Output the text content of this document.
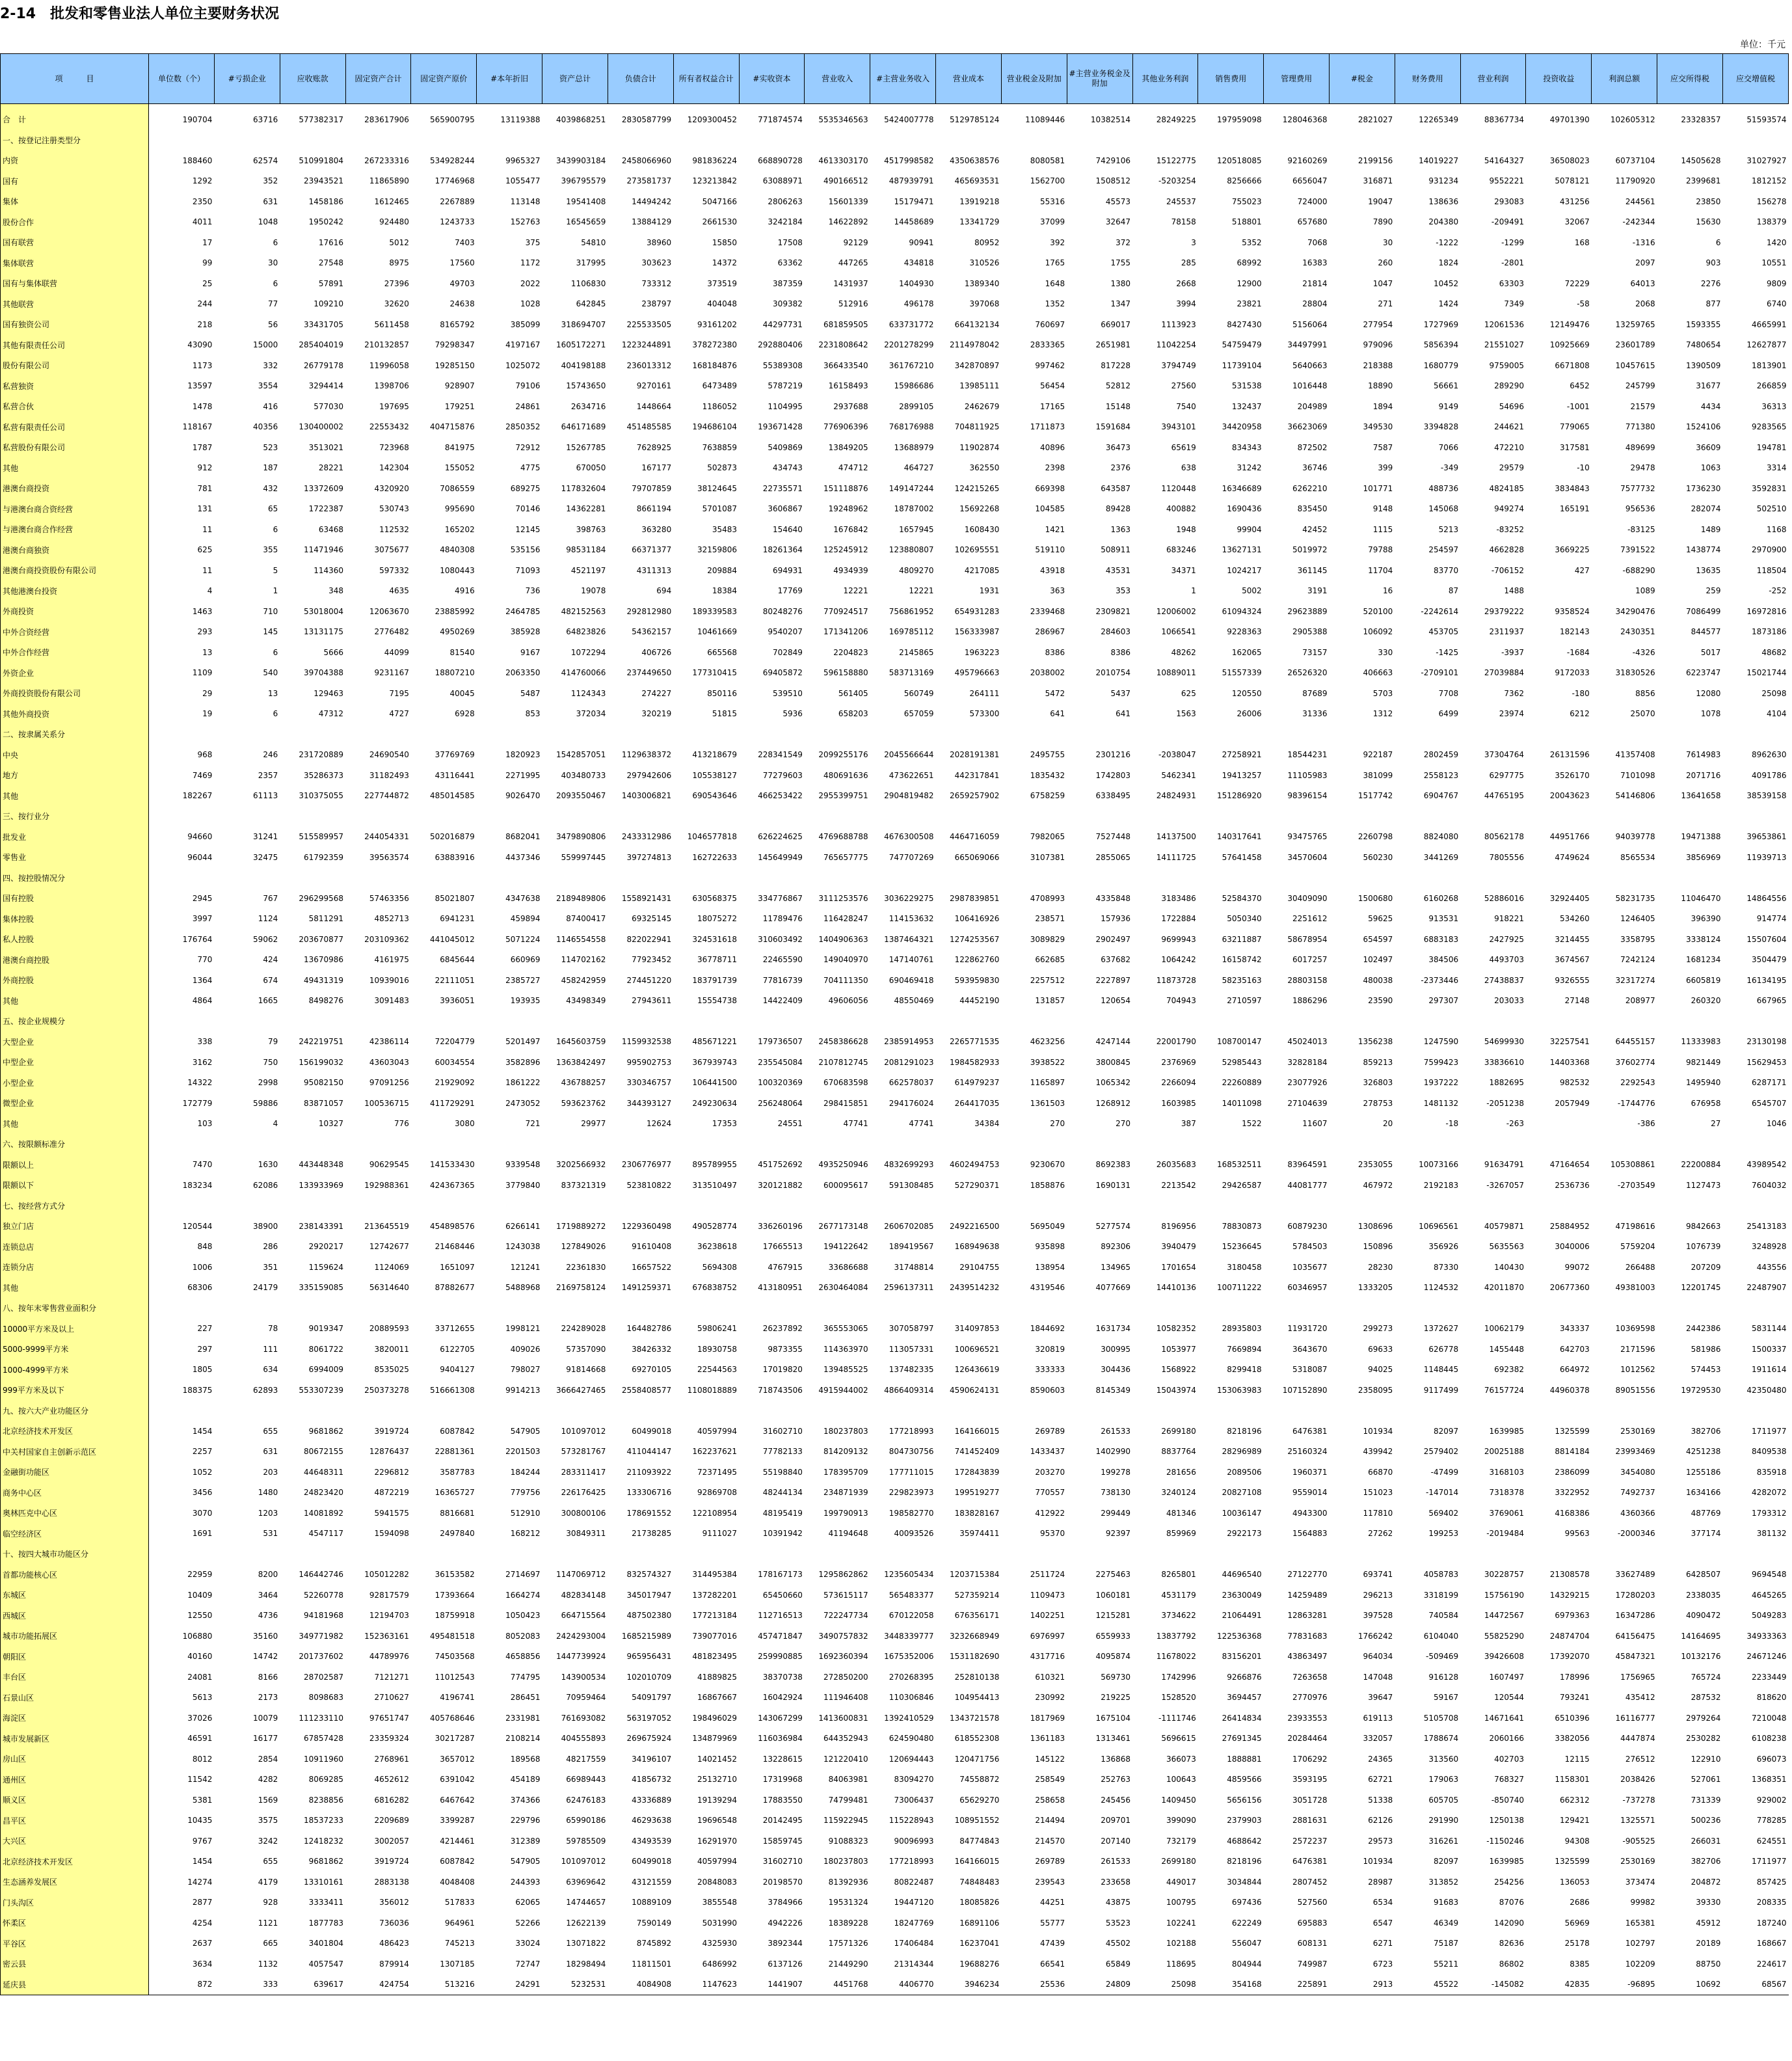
2-14　批发和零售业法人单位主要财务状况
单位：千元
项　　　目	单位数（个）	#亏损企业	应收账款	固定资产合计	固定资产原价	#本年折旧	资产总计	负债合计	所有者权益合计	#实收资本	营业收入	#主营业务收入	营业成本	营业税金及附加	#主营业务税金及附加	其他业务利润	销售费用	管理费用	#税金	财务费用	营业利润	投资收益	利润总额	应交所得税	应交增值税
合　计	190704	63716	577382317	283617906	565900795	13119388	4039868251	2830587799	1209300452	771874574	5535346563	5424007778	5129785124	11089446	10382514	28249225	197959098	128046368	2821027	12265349	88367734	49701390	102605312	23328357	51593574
一、按登记注册类型分																									
内资	188460	62574	510991804	267233316	534928244	9965327	3439903184	2458066960	981836224	668890728	4613303170	4517998582	4350638576	8080581	7429106	15122775	120518085	92160269	2199156	14019227	54164327	36508023	60737104	14505628	31027927
国有	1292	352	23943521	11865890	17746968	1055477	396795579	273581737	123213842	63088971	490166512	487939791	465693531	1562700	1508512	-5203254	8256666	6656047	316871	931234	9552221	5078121	11790920	2399681	1812152
集体	2350	631	1458186	1612465	2267889	113148	19541408	14494242	5047166	2806263	15601339	15179471	13919218	55316	45573	245537	755023	724000	19047	138636	293083	431256	244561	23850	156278
股份合作	4011	1048	1950242	924480	1243733	152763	16545659	13884129	2661530	3242184	14622892	14458689	13341729	37099	32647	78158	518801	657680	7890	204380	-209491	32067	-242344	15630	138379
国有联营	17	6	17616	5012	7403	375	54810	38960	15850	17508	92129	90941	80952	392	372	3	5352	7068	30	-1222	-1299	168	-1316	6	1420
集体联营	99	30	27548	8975	17560	1172	317995	303623	14372	63362	447265	434818	310526	1765	1755	285	68992	16383	260	1824	-2801		2097	903	10551
国有与集体联营	25	6	57891	27396	49703	2022	1106830	733312	373519	387359	1431937	1404930	1389340	1648	1380	2668	12900	21814	1047	10452	63303	72229	64013	2276	9809
其他联营	244	77	109210	32620	24638	1028	642845	238797	404048	309382	512916	496178	397068	1352	1347	3994	23821	28804	271	1424	7349	-58	2068	877	6740
国有独资公司	218	56	33431705	5611458	8165792	385099	318694707	225533505	93161202	44297731	681859505	633731772	664132134	760697	669017	1113923	8427430	5156064	277954	1727969	12061536	12149476	13259765	1593355	4665991
其他有限责任公司	43090	15000	285404019	210132857	79298347	4197167	1605172271	1223244891	378272380	292880406	2231808642	2201278299	2114978042	2833365	2651981	11042254	54759479	34497991	979096	5856394	21551027	10925669	23601789	7480654	12627877
股份有限公司	1173	332	26779178	11996058	19285150	1025072	404198188	236013312	168184876	55389308	366433540	361767210	342870897	997462	817228	3794749	11739104	5640663	218388	1680779	9759005	6671808	10457615	1390509	1813901
私营独资	13597	3554	3294414	1398706	928907	79106	15743650	9270161	6473489	5787219	16158493	15986686	13985111	56454	52812	27560	531538	1016448	18890	56661	289290	6452	245799	31677	266859
私营合伙	1478	416	577030	197695	179251	24861	2634716	1448664	1186052	1104995	2937688	2899105	2462679	17165	15148	7540	132437	204989	1894	9149	54696	-1001	21579	4434	36313
私营有限责任公司	118167	40356	130400002	22553432	404715876	2850352	646171689	451485585	194686104	193671428	776906396	768176988	704811925	1711873	1591684	3943101	34420958	36623069	349530	3394828	244621	779065	771380	1524106	9283565
私营股份有限公司	1787	523	3513021	723968	841975	72912	15267785	7628925	7638859	5409869	13849205	13688979	11902874	40896	36473	65619	834343	872502	7587	7066	472210	317581	489699	36609	194781
其他	912	187	28221	142304	155052	4775	670050	167177	502873	434743	474712	464727	362550	2398	2376	638	31242	36746	399	-349	29579	-10	29478	1063	3314
港澳台商投资	781	432	13372609	4320920	7086559	689275	117832604	79707859	38124645	22735571	151118876	149147244	124215265	669398	643587	1120448	16346689	6262210	101771	488736	4824185	3834843	7577732	1736230	3592831
与港澳台商合资经营	131	65	1722387	530743	995690	70146	14362281	8661194	5701087	3606867	19248962	18787002	15692268	104585	89428	400882	1690436	835450	9148	145068	949274	165191	956536	282074	502510
与港澳台商合作经营	11	6	63468	112532	165202	12145	398763	363280	35483	154640	1676842	1657945	1608430	1421	1363	1948	99904	42452	1115	5213	-83252		-83125	1489	1168
港澳台商独资	625	355	11471946	3075677	4840308	535156	98531184	66371377	32159806	18261364	125245912	123880807	102695551	519110	508911	683246	13627131	5019972	79788	254597	4662828	3669225	7391522	1438774	2970900
港澳台商投资股份有限公司	11	5	114360	597332	1080443	71093	4521197	4311313	209884	694931	4934939	4809270	4217085	43918	43531	34371	1024217	361145	11704	83770	-706152	427	-688290	13635	118504
其他港澳台投资	4	1	348	4635	4916	736	19078	694	18384	17769	12221	12221	1931	363	353	1	5002	3191	16	87	1488		1089	259	-252
外商投资	1463	710	53018004	12063670	23885992	2464785	482152563	292812980	189339583	80248276	770924517	756861952	654931283	2339468	2309821	12006002	61094324	29623889	520100	-2242614	29379222	9358524	34290476	7086499	16972816
中外合资经营	293	145	13131175	2776482	4950269	385928	64823826	54362157	10461669	9540207	171341206	169785112	156333987	286967	284603	1066541	9228363	2905388	106092	453705	2311937	182143	2430351	844577	1873186
中外合作经营	13	6	5666	44099	81540	9167	1072294	406726	665568	702849	2204823	2145865	1963223	8386	8386	48262	162065	73157	330	-1425	-3937	-1684	-4326	5017	48682
外资企业	1109	540	39704388	9231167	18807210	2063350	414760066	237449650	177310415	69405872	596158880	583713169	495796663	2038002	2010754	10889011	51557339	26526320	406663	-2709101	27039884	9172033	31830526	6223747	15021744
外商投资股份有限公司	29	13	129463	7195	40045	5487	1124343	274227	850116	539510	561405	560749	264111	5472	5437	625	120550	87689	5703	7708	7362	-180	8856	12080	25098
其他外商投资	19	6	47312	4727	6928	853	372034	320219	51815	5936	658203	657059	573300	641	641	1563	26006	31336	1312	6499	23974	6212	25070	1078	4104
二、按隶属关系分																									
中央	968	246	231720889	24690540	37769769	1820923	1542857051	1129638372	413218679	228341549	2099255176	2045566644	2028191381	2495755	2301216	-2038047	27258921	18544231	922187	2802459	37304764	26131596	41357408	7614983	8962630
地方	7469	2357	35286373	31182493	43116441	2271995	403480733	297942606	105538127	77279603	480691636	473622651	442317841	1835432	1742803	5462341	19413257	11105983	381099	2558123	6297775	3526170	7101098	2071716	4091786
其他	182267	61113	310375055	227744872	485014585	9026470	2093550467	1403006821	690543646	466253422	2955399751	2904819482	2659257902	6758259	6338495	24824931	151286920	98396154	1517742	6904767	44765195	20043623	54146806	13641658	38539158
三、按行业分																									
批发业	94660	31241	515589957	244054331	502016879	8682041	3479890806	2433312986	1046577818	626224625	4769688788	4676300508	4464716059	7982065	7527448	14137500	140317641	93475765	2260798	8824080	80562178	44951766	94039778	19471388	39653861
零售业	96044	32475	61792359	39563574	63883916	4437346	559997445	397274813	162722633	145649949	765657775	747707269	665069066	3107381	2855065	14111725	57641458	34570604	560230	3441269	7805556	4749624	8565534	3856969	11939713
四、按控股情况分																									
国有控股	2945	767	296299568	57463356	85021807	4347638	2189489806	1558921431	630568375	334776867	3111253576	3036229275	2987839851	4708993	4335848	3183486	52584370	30409090	1500680	6160268	52886016	32924405	58231735	11046470	14864556
集体控股	3997	1124	5811291	4852713	6941231	459894	87400417	69325145	18075272	11789476	116428247	114153632	106416926	238571	157936	1722884	5050340	2251612	59625	913531	918221	534260	1246405	396390	914774
私人控股	176764	59062	203670877	203109362	441045012	5071224	1146554558	822022941	324531618	310603492	1404906363	1387464321	1274253567	3089829	2902497	9699943	63211887	58678954	654597	6883183	2427925	3214455	3358795	3338124	15507604
港澳台商控股	770	424	13670986	4161975	6845644	660969	114702162	77923452	36778711	22465590	149040970	147140761	122862760	662685	637682	1064242	16158742	6017257	102497	384506	4493703	3674567	7242124	1681234	3504479
外商控股	1364	674	49431319	10939016	22111051	2385727	458242959	274451220	183791739	77816739	704111350	690469418	593959830	2257512	2227897	11873728	58235163	28803158	480038	-2373446	27438837	9326555	32317274	6605819	16134195
其他	4864	1665	8498276	3091483	3936051	193935	43498349	27943611	15554738	14422409	49606056	48550469	44452190	131857	120654	704943	2710597	1886296	23590	297307	203033	27148	208977	260320	667965
五、按企业规模分																									
大型企业	338	79	242219751	42386114	72204779	5201497	1645603759	1159932538	485671221	179736507	2458386628	2385914953	2265771535	4623256	4247144	22001790	108700147	45024013	1356238	1247590	54699930	32257541	64455157	11333983	23130198
中型企业	3162	750	156199032	43603043	60034554	3582896	1363842497	995902753	367939743	235545084	2107812745	2081291023	1984582933	3938522	3800845	2376969	52985443	32828184	859213	7599423	33836610	14403368	37602774	9821449	15629453
小型企业	14322	2998	95082150	97091256	21929092	1861222	436788257	330346757	106441500	100320369	670683598	662578037	614979237	1165897	1065342	2266094	22260889	23077926	326803	1937222	1882695	982532	2292543	1495940	6287171
微型企业	172779	59886	83871057	100536715	411729291	2473052	593623762	344393127	249230634	256248064	298415851	294176024	264417035	1361503	1268912	1603985	14011098	27104639	278753	1481132	-2051238	2057949	-1744776	676958	6545707
其他	103	4	10327	776	3080	721	29977	12624	17353	24551	47741	47741	34384	270	270	387	1522	11607	20	-18	-263		-386	27	1046
六、按限额标准分																									
限额以上	7470	1630	443448348	90629545	141533430	9339548	3202566932	2306776977	895789955	451752692	4935250946	4832699293	4602494753	9230670	8692383	26035683	168532511	83964591	2353055	10073166	91634791	47164654	105308861	22200884	43989542
限额以下	183234	62086	133933969	192988361	424367365	3779840	837321319	523810822	313510497	320121882	600095617	591308485	527290371	1858876	1690131	2213542	29426587	44081777	467972	2192183	-3267057	2536736	-2703549	1127473	7604032
七、按经营方式分																									
独立门店	120544	38900	238143391	213645519	454898576	6266141	1719889272	1229360498	490528774	336260196	2677173148	2606702085	2492216500	5695049	5277574	8196956	78830873	60879230	1308696	10696561	40579871	25884952	47198616	9842663	25413183
连锁总店	848	286	2920217	12742677	21468446	1243038	127849026	91610408	36238618	17665513	194122642	189419567	168949638	935898	892306	3940479	15236645	5784503	150896	356926	5635563	3040006	5759204	1076739	3248928
连锁分店	1006	351	1159624	1124069	1651097	121241	22361830	16657522	5694308	4767915	33686688	31748814	29104755	138954	134965	1701654	3180458	1035677	28230	87330	140430	99072	266488	207209	443556
其他	68306	24179	335159085	56314640	87882677	5488968	2169758124	1491259371	676838752	413180951	2630464084	2596137311	2439514232	4319546	4077669	14410136	100711222	60346957	1333205	1124532	42011870	20677360	49381003	12201745	22487907
八、按年末零售营业面积分																									
10000平方米及以上	227	78	9019347	20889593	33712655	1998121	224289028	164482786	59806241	26237892	365553065	307058797	314097853	1844692	1631734	10582352	28935803	11931720	299273	1372627	10062179	343337	10369598	2442386	5831144
5000-9999平方米	297	111	8061722	3820011	6122705	409026	57357090	38426332	18930758	9873355	114363970	113057331	100696521	320819	300995	1053977	7669894	3643670	69633	626778	1455448	642703	2171596	581986	1500337
1000-4999平方米	1805	634	6994009	8535025	9404127	798027	91814668	69270105	22544563	17019820	139485525	137482335	126436619	333333	304436	1568922	8299418	5318087	94025	1148445	692382	664972	1012562	574453	1911614
999平方米及以下	188375	62893	553307239	250373278	516661308	9914213	3666427465	2558408577	1108018889	718743506	4915944002	4866409314	4590624131	8590603	8145349	15043974	153063983	107152890	2358095	9117499	76157724	44960378	89051556	19729530	42350480
九、按六大产业功能区分																									
北京经济技术开发区	1454	655	9681862	3919724	6087842	547905	101097012	60499018	40597994	31602710	180237803	177218993	164166015	269789	261533	2699180	8218196	6476381	101934	82097	1639985	1325599	2530169	382706	1711977
中关村国家自主创新示范区	2257	631	80672155	12876437	22881361	2201503	573281767	411044147	162237621	77782133	814209132	804730756	741452409	1433437	1402990	8837764	28296989	25160324	439942	2579402	20025188	8814184	23993469	4251238	8409538
金融街功能区	1052	203	44648311	2296812	3587783	184244	283311417	211093922	72371495	55198840	178395709	177711015	172843839	203270	199278	281656	2089506	1960371	66870	-47499	3168103	2386099	3454080	1255186	835918
商务中心区	3456	1480	24823420	4872219	16365727	779756	226176425	133306716	92869708	48244134	234871939	229823973	199519277	770557	738130	3240124	20827108	9559014	151023	-147014	7318378	3322952	7492737	1634166	4282072
奥林匹克中心区	3070	1203	14081892	5941575	8816681	512910	300800106	178691552	122108954	48195419	199790913	198582770	183828167	412922	299449	481346	10036147	4943300	117810	569402	3769061	4168386	4360366	487769	1793312
临空经济区	1691	531	4547117	1594098	2497840	168212	30849311	21738285	9111027	10391942	41194648	40093526	35974411	95370	92397	859969	2922173	1564883	27262	199253	-2019484	99563	-2000346	377174	381132
十、按四大城市功能区分																									
首都功能核心区	22959	8200	146442746	105012282	36153582	2714697	1147069712	832574327	314495384	178167173	1295862862	1235605434	1203715384	2511724	2275463	8265801	44696540	27122770	693741	4058783	30228757	21308578	33627489	6428507	9694548
东城区	10409	3464	52260778	92817579	17393664	1664274	482834148	345017947	137282201	65450660	573615117	565483377	527359214	1109473	1060181	4531179	23630049	14259489	296213	3318199	15756190	14329215	17280203	2338035	4645265
西城区	12550	4736	94181968	12194703	18759918	1050423	664715564	487502380	177213184	112716513	722247734	670122058	676356171	1402251	1215281	3734622	21064491	12863281	397528	740584	14472567	6979363	16347286	4090472	5049283
城市功能拓展区	106880	35160	349771982	152363161	495481518	8052083	2424293004	1685215989	739077016	457471847	3490757832	3448339777	3232668949	6976997	6559933	13837792	122536368	77831683	1766242	6104040	55825290	24874704	64156475	14164695	34933363
朝阳区	40160	14742	201737602	44789976	74503568	4658856	1447739924	965956431	481823495	259990885	1692360394	1675352006	1531182690	4317716	4095874	11678022	83156201	43863497	964034	-509469	39426608	17392070	45847321	10132176	24671246
丰台区	24081	8166	28702587	7121271	11012543	774795	143900534	102010709	41889825	38370738	272850200	270268395	252810138	610321	569730	1742996	9266876	7263658	147048	916128	1607497	178996	1756965	765724	2233449
石景山区	5613	2173	8098683	2710627	4196741	286451	70959464	54091797	16867667	16042924	111946408	110306846	104954413	230992	219225	1528520	3694457	2770976	39647	59167	120544	793241	435412	287532	818620
海淀区	37026	10079	111233110	97651747	405768646	2331981	761693082	563197052	198496029	143067299	1413600831	1392410529	1343721578	1817969	1675104	-1111746	26414834	23933553	619113	5105708	14671641	6510396	16116777	2979264	7210048
城市发展新区	46591	16177	67857428	23359324	30217287	2108214	404555893	269675924	134879969	116036984	644352943	624590480	618552308	1361183	1313461	5696615	27691345	20284464	332057	1788674	2060166	3382056	4447874	2530282	6108238
房山区	8012	2854	10911960	2768961	3657012	189568	48217559	34196107	14021452	13228615	121220410	120694443	120471756	145122	136868	366073	1888881	1706292	24365	313560	402703	12115	276512	122910	696073
通州区	11542	4282	8069285	4652612	6391042	454189	66989443	41856732	25132710	17319968	84063981	83094270	74558872	258549	252763	100643	4859566	3593195	62721	179063	768327	1158301	2038426	527061	1368351
顺义区	5381	1569	8238856	6816282	6467642	374366	62476183	43336889	19139294	17883550	74799481	73006437	65629270	258658	245456	1409450	5656156	3051728	51338	605705	-850740	662312	-737278	731339	929002
昌平区	10435	3575	18537233	2209689	3399287	229796	65990186	46293638	19696548	20142495	115922945	115228943	108951552	214494	209701	399090	2379903	2881631	62126	291990	1250138	129421	1325571	500236	778285
大兴区	9767	3242	12418232	3002057	4214461	312389	59785509	43493539	16291970	15859745	91088323	90096993	84774843	214570	207140	732179	4688642	2572237	29573	316261	-1150246	94308	-905525	266031	624551
北京经济技术开发区	1454	655	9681862	3919724	6087842	547905	101097012	60499018	40597994	31602710	180237803	177218993	164166015	269789	261533	2699180	8218196	6476381	101934	82097	1639985	1325599	2530169	382706	1711977
生态涵养发展区	14274	4179	13310161	2883138	4048408	244393	63969642	43121559	20848083	20198570	81392936	80822487	74848483	239543	233658	449017	3034844	2807452	28987	313852	254256	136053	373474	204872	857425
门头沟区	2877	928	3333411	356012	517833	62065	14744657	10889109	3855548	3784966	19531324	19447120	18085826	44251	43875	100795	697436	527560	6534	91683	87076	2686	99982	39330	208335
怀柔区	4254	1121	1877783	736036	964961	52266	12622139	7590149	5031990	4942226	18389228	18247769	16891106	55777	53523	102241	622249	695883	6547	46349	142090	56969	165381	45912	187240
平谷区	2637	665	3401804	486423	745213	33024	13071822	8745892	4325930	3892344	17571326	17406484	16237041	47439	45502	102188	556047	608131	6271	75187	82636	25178	102797	20189	168667
密云县	3634	1132	4057547	879914	1307185	72747	18298494	11811501	6486992	6137126	21449290	21314344	19688276	66541	65849	118695	804944	749987	6723	55211	86802	8385	102209	88750	224617
延庆县	872	333	639617	424754	513216	24291	5232531	4084908	1147623	1441907	4451768	4406770	3946234	25536	24809	25098	354168	225891	2913	45522	-145082	42835	-96895	10692	68567
